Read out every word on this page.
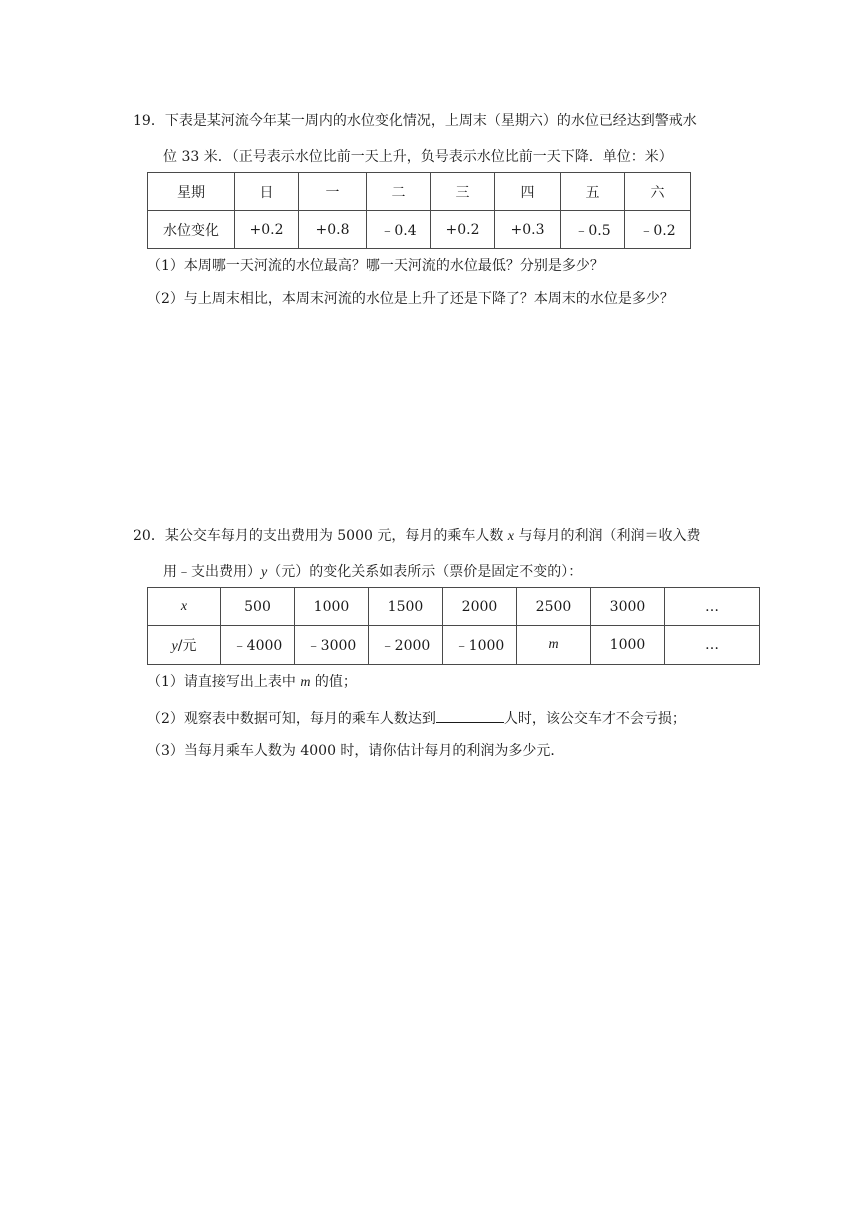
19．下表是某河流今年某一周内的水位变化情况，上周末（星期六）的水位已经达到警戒水
位 33 米．（正号表示水位比前一天上升，负号表示水位比前一天下降．单位：米）
星期	日	一	二	三	四	五	六
水位变化	+0.2	+0.8	﹣0.4	+0.2	+0.3	﹣0.5	﹣0.2
（1）本周哪一天河流的水位最高？哪一天河流的水位最低？分别是多少？
（2）与上周末相比，本周末河流的水位是上升了还是下降了？本周末的水位是多少？
20．某公交车每月的支出费用为 5000 元，每月的乘车人数 x 与每月的利润（利润＝收入费
用﹣支出费用）y（元）的变化关系如表所示（票价是固定不变的）：
x	500	1000	1500	2000	2500	3000	…
y/元	﹣4000	﹣3000	﹣2000	﹣1000	m	1000	…
（1）请直接写出上表中 m 的值；
（2）观察表中数据可知，每月的乘车人数达到	人时，该公交车才不会亏损；
（3）当每月乘车人数为 4000 时，请你估计每月的利润为多少元．
